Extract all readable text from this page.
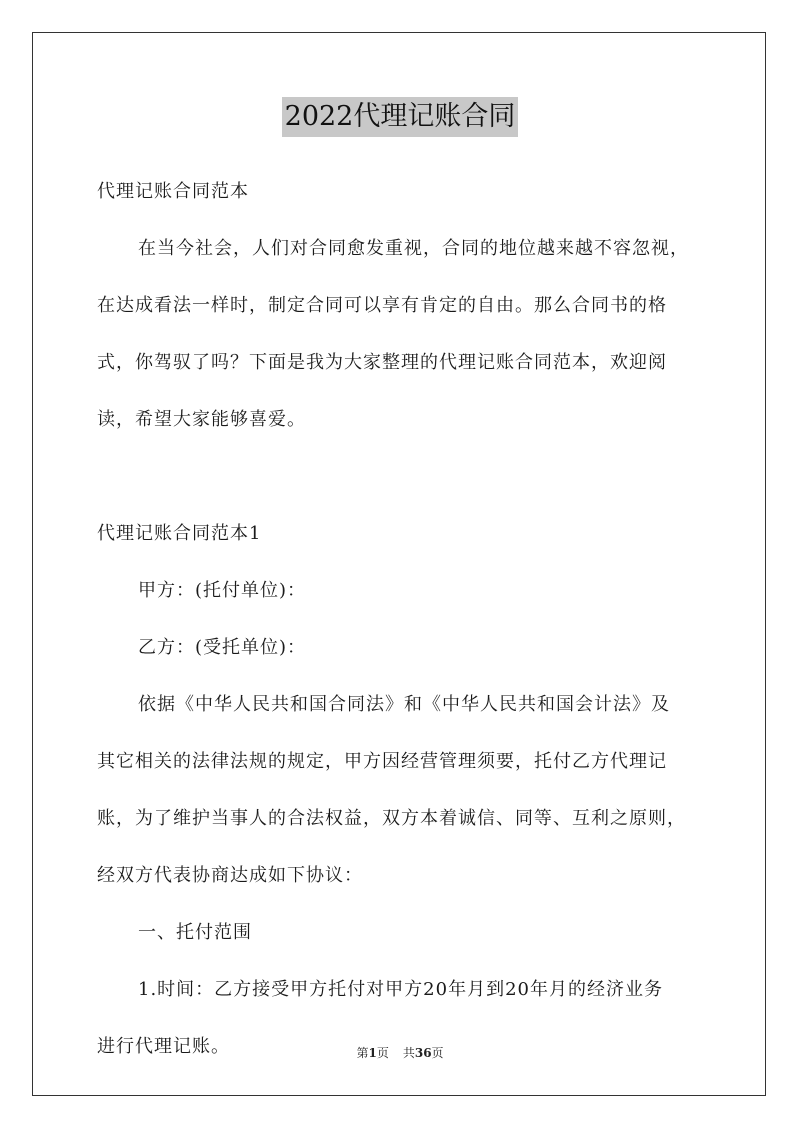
2022代理记账合同
代理记账合同范本
在当今社会，人们对合同愈发重视，合同的地位越来越不容忽视，
在达成看法一样时，制定合同可以享有肯定的自由。那么合同书的格
式，你驾驭了吗？下面是我为大家整理的代理记账合同范本，欢迎阅
读，希望大家能够喜爱。
代理记账合同范本1
甲方：(托付单位)：
乙方：(受托单位)：
依据《中华人民共和国合同法》和《中华人民共和国会计法》及
其它相关的法律法规的规定，甲方因经营管理须要，托付乙方代理记
账，为了维护当事人的合法权益，双方本着诚信、同等、互利之原则，
经双方代表协商达成如下协议：
一、托付范围
1.时间：乙方接受甲方托付对甲方20年月到20年月的经济业务
进行代理记账。	第1页 共36页
